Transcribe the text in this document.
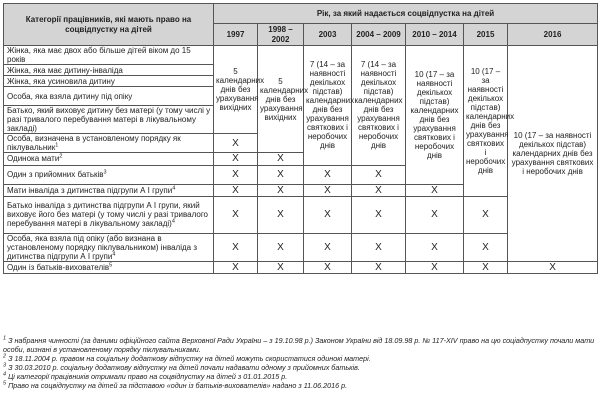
Категорії працівників, які мають право на соцвідпустку на дітей	Рік, за який надається соцвідпустка на дітей						
	1997	1998 – 2002	2003	2004 – 2009	2010 – 2014	2015	2016
Жінка, яка має двох або більше дітей віком до 15 років	5 календарних днів без урахування вихідних	5 календарних днів без урахування вихідних	7 (14 – за наявності декількох підстав) календарних днів без урахування святкових і неробочих днів	7 (14 – за наявності декількох підстав) календарних днів без урахування святкових і неробочих днів	10 (17 – за наявності декількох підстав) календарних днів без урахування святкових і неробочих днів	10 (17 – за наявності декількох підстав) календарних днів без урахування святкових і неробочих днів	10 (17 – за наявності декількох підстав) календарних днів без урахування святкових і неробочих днів
Жінка, яка має дитину-інваліда							
Жінка, яка усиновила дитину							
Особа, яка взяла дитину під опіку							
Батько, який виховує дитину без матері (у тому числі у разі тривалого перебування матері в лікувальному закладі)							
Особа, визначена в установленому порядку як піклувальник$^1$	Х						
Одинока мати$^2$	Х	Х					
Один з прийомних батьків$^3$	Х	Х	Х	Х			
Мати інваліда з дитинства підгрупи А I групи$^4$	Х	Х	Х	Х	Х		
Батько інваліда з дитинства підгрупи А I групи, який виховує його без матері (у тому числі у разі тривалого перебування матері в лікувальному закладі)$^4$	Х	Х	Х	Х	Х	Х	
Особа, яка взяла під опіку (або визнана в установленому порядку піклувальником) інваліда з дитинства підгрупи А I групи$^4$	Х	Х	Х	Х	Х	Х	
Один із батьків-вихователів$^5$	Х	Х	Х	Х	Х	Х	Х
$^1$ З набрання чинності (за даними офіційного сайта Верховної Ради України – з 19.10.98 р.) Законом України від 18.09.98 р. № 117-XIV право на цю соціадпустку почали мати особи, визнані в установленому порядку піклувальниками.
$^2$ З 18.11.2004 р. правом на соціальну додаткову відпустку на дітей можуть скористатися одинокі матері.
$^3$ З 30.03.2010 р. соціальну додаткову відпустку на дітей почали надавати одному з прийомних батьків.
$^4$ Ці категорії працівників отримали право на соцвідпустку на дітей з 01.01.2015 р.
$^5$ Право на соцвідпустку на дітей за підставою «один із батьків-вихователів» надано з 11.06.2016 р.
